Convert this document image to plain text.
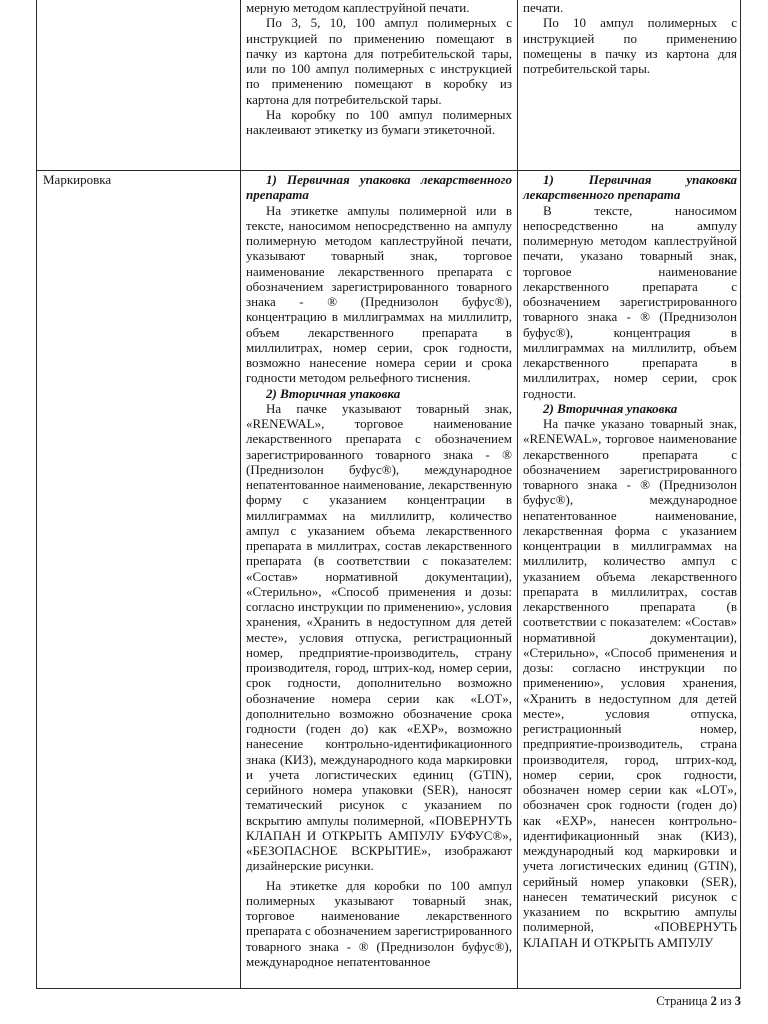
мерную методом каплеструйной печати.

По 3, 5, 10, 100 ампул полимерных с инструкцией по применению помещают в пачку из картона для потребительской тары, или по 100 ампул полимерных с инструкцией по применению помещают в коробку из картона для потребительской тары.

На коробку по 100 ампул полимерных наклеивают этикетку из бумаги этикеточной.

печати.

По 10 ампул полимерных с инструкцией по применению помещены в пачку из картона для потребительской тары.

Маркировка	1) Первичная упаковка лекарственного препарата

На этикетке ампулы полимерной или в тексте, наносимом непосредственно на ампулу полимерную методом каплеструйной печати, указывают товарный знак, торговое наименование лекарственного препарата с обозначением зарегистрированного товарного знака - ® (Преднизолон буфус®), концентрацию в миллиграммах на миллилитр, объем лекарственного препарата в миллилитрах, номер серии, срок годности, возможно нанесение номера серии и срока годности методом рельефного тиснения.

2) Вторичная упаковка

На пачке указывают товарный знак, «RENEWAL», торговое наименование лекарственного препарата с обозначением зарегистрированного товарного знака - ® (Преднизолон буфус®), международное непатентованное наименование, лекарственную форму с указанием концентрации в миллиграммах на миллилитр, количество ампул с указанием объема лекарственного препарата в миллитрах, состав лекарственного препарата (в соответствии с показателем: «Состав» нормативной документации), «Стерильно», «Способ применения и дозы: согласно инструкции по применению», условия хранения, «Хранить в недоступном для детей месте», условия отпуска, регистрационный номер, предприятие-производитель, страну производителя, город, штрих-код, номер серии, срок годности, дополнительно возможно обозначение номера серии как «LOT», дополнительно возможно обозначение срока годности (годен до) как «EXP», возможно нанесение контрольно-идентификационного знака (КИЗ), международного кода маркировки и учета логистических единиц (GTIN), серийного номера упаковки (SER), наносят тематический рисунок с указанием по вскрытию ампулы полимерной, «ПОВЕРНУТЬ КЛАПАН И ОТКРЫТЬ АМПУЛУ БУФУС®», «БЕЗОПАСНОЕ ВСКРЫТИЕ», изображают дизайнерские рисунки.

На этикетке для коробки по 100 ампул полимерных указывают товарный знак, торговое наименование лекарственного препарата с обозначением зарегистрированного товарного знака - ® (Преднизолон буфус®), международное непатентованное

1) Первичная упаковка лекарственного препарата

В тексте, наносимом непосредственно на ампулу полимерную методом каплеструйной печати, указано товарный знак, торговое наименование лекарственного препарата с обозначением зарегистрированного товарного знака - ® (Преднизолон буфус®), концентрация в миллиграммах на миллилитр, объем лекарственного препарата в миллилитрах, номер серии, срок годности.

2) Вторичная упаковка

На пачке указано товарный знак, «RENEWAL», торговое наименование лекарственного препарата с обозначением зарегистрированного товарного знака - ® (Преднизолон буфус®), международное непатентованное наименование, лекарственная форма с указанием концентрации в миллиграммах на миллилитр, количество ампул с указанием объема лекарственного препарата в миллилитрах, состав лекарственного препарата (в соответствии с показателем: «Состав» нормативной документации), «Стерильно», «Способ применения и дозы: согласно инструкции по применению», условия хранения, «Хранить в недоступном для детей месте», условия отпуска, регистрационный номер, предприятие-производитель, страна производителя, город, штрих-код, номер серии, срок годности, обозначен номер серии как «LOT», обозначен срок годности (годен до) как «EXP», нанесен контрольно-идентификационный знак (КИЗ), международный код маркировки и учета логистических единиц (GTIN), серийный номер упаковки (SER), нанесен тематический рисунок с указанием по вскрытию ампулы полимерной, «ПОВЕРНУТЬ КЛАПАН И ОТКРЫТЬ АМПУЛУ

Страница 2 из 3
